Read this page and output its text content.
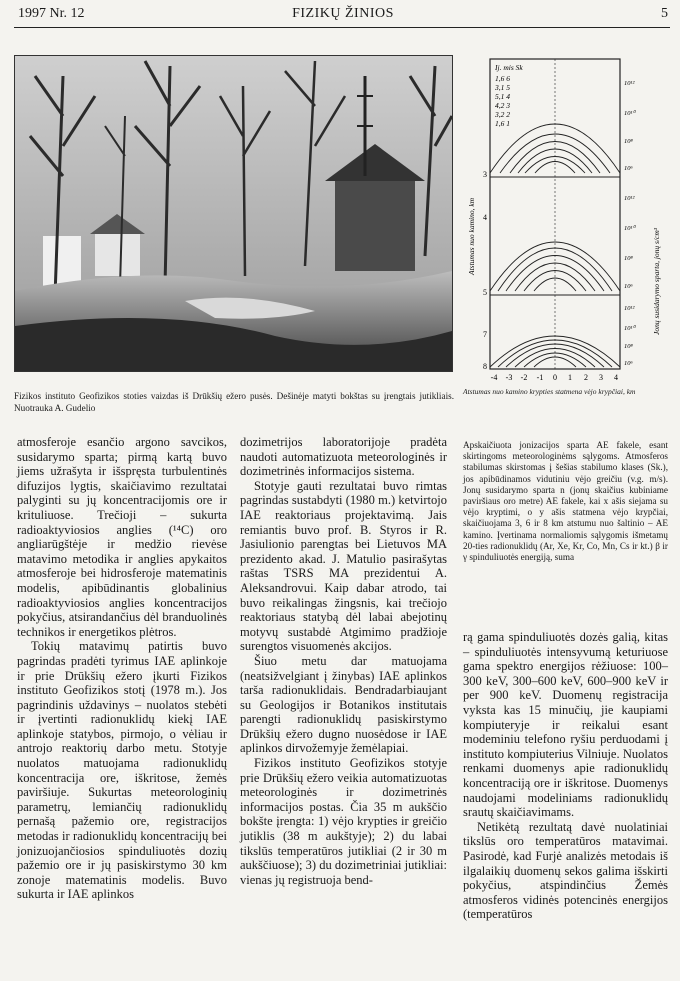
1997 Nr. 12	FIZIKŲ ŽINIOS	5
Fizikos instituto Geofizikos stoties vaizdas iš Drūkšių ežero pusės. Dešinėje matyti bokštas su įrengtais jutikliais. Nuotrauka A. Gudelio
Ij. mis Sk
1,6 6
3,1 5
5,1 4
4,2 3
3,2 2
1,6 1
3
4
5
7
8
10¹²
10¹⁰
10⁸
10⁶
10¹²
10¹⁰
10⁸
10⁶
10¹²
10¹⁰
10⁸
10⁶
Atstumas nuo kamino, km	Jonų susidarymo sparta, jonų s/cm³
-4 -3 -2 -1 0 1 2 3 4
Atstumas nuo kamino krypties statmena vėjo krypčiai, km
Apskaičiuota jonizacijos sparta AE fakele, esant skirtingoms meteorologinėms sąlygoms. Atmosferos stabilumas skirstomas į šešias stabilumo klases (Sk.), jos apibūdinamos vidutiniu vėjo greičiu (v.g. m/s). Jonų susidarymo sparta n (jonų skaičius kubiniame paviršiaus oro metre) AE fakele, kai x ašis siejama su vėjo kryptimi, o y ašis statmena vėjo krypčiai, skaičiuojama 3, 6 ir 8 km atstumu nuo šaltinio – AE kamino. Įvertinama normaliomis sąlygomis išmetamų 20-ties radionuklidų (Ar, Xe, Kr, Co, Mn, Cs ir kt.) β ir γ spinduliuotės energiją, suma

atmosferoje esančio argono savcikos, susidarymo sparta; pirmą kartą buvo jiems užrašyta ir išspręsta turbulentinės difuzijos lygtis, skaičiavimo rezultatai palyginti su jų koncentracijomis ore ir krituliuose. Trečioji – sukurta radioaktyviosios anglies (¹⁴C) oro angliarūgštėje ir medžio rievėse matavimo metodika ir anglies apykaitos atmosferoje bei hidrosferoje matematinis modelis, apibūdinantis globalinius radioaktyviosios anglies koncentracijos pokyčius, atsirandančius dėl branduolinės technikos ir energetikos plėtros.

Tokių matavimų patirtis buvo pagrindas pradėti tyrimus IAE aplinkoje ir prie Drūkšių ežero įkurti Fizikos instituto Geofizikos stotį (1978 m.). Jos pagrindinis uždavinys – nuolatos stebėti ir įvertinti radionuklidų kiekį IAE aplinkoje statybos, pirmojo, o vėliau ir antrojo reaktorių darbo metu. Stotyje nuolatos matuojama radionuklidų koncentracija ore, iškritose, žemės paviršiuje. Sukurtas meteorologinių parametrų, lemiančių radionuklidų pernašą pažemio ore, registracijos metodas ir radionuklidų koncentracijų bei jonizuojančiosios spinduliuotės dozių pažemio ore ir jų pasiskirstymo 30 km zonoje matematinis modelis. Buvo sukurta ir IAE aplinkos

dozimetrijos laboratorijoje pradėta naudoti automatizuota meteorologinės ir dozimetrinės informacijos sistema.

Stotyje gauti rezultatai buvo rimtas pagrindas sustabdyti (1980 m.) ketvirtojo IAE reaktoriaus projektavimą. Jais remiantis buvo prof. B. Styros ir R. Jasiulionio parengtas bei Lietuvos MA prezidento akad. J. Matulio pasirašytas raštas TSRS MA prezidentui A. Aleksandrovui. Kaip dabar atrodo, tai buvo reikalingas žingsnis, kai trečiojo reaktoriaus statybą dėl labai abejotinų motyvų sustabdė Atgimimo pradžioje surengtos visuomenės akcijos.

Šiuo metu dar matuojama (neatsižvelgiant į žinybas) IAE aplinkos tarša radionuklidais. Bendradarbiaujant su Geologijos ir Botanikos institutais parengti radionuklidų pasiskirstymo Drūkšių ežero dugno nuosėdose ir IAE aplinkos dirvožemyje žemėlapiai.

Fizikos instituto Geofizikos stotyje prie Drūkšių ežero veikia automatizuotas meteorologinės ir dozimetrinės informacijos postas. Čia 35 m aukščio bokšte įrengta: 1) vėjo krypties ir greičio jutiklis (38 m aukštyje); 2) du labai tikslūs temperatūros jutikliai (2 ir 30 m aukščiuose); 3) du dozimetriniai jutikliai: vienas jų registruoja bend-

rą gama spinduliuotės dozės galią, kitas – spinduliuotės intensyvumą keturiuose gama spektro energijos rėžiuose: 100–300 keV, 300–600 keV, 600–900 keV ir per 900 keV. Duomenų registracija vyksta kas 15 minučių, jie kaupiami kompiuteryje ir reikalui esant modeminiu telefono ryšiu perduodami į instituto kompiuterius Vilniuje. Nuolatos renkami duomenys apie radionuklidų koncentraciją ore ir iškritose. Duomenys naudojami modeliniams radionuklidų srautų skaičiavimams.

Netikėtą rezultatą davė nuolatiniai tikslūs oro temperatūros matavimai. Pasirodė, kad Furjė analizės metodais iš ilgalaikių duomenų sekos galima išskirti pokyčius, atspindinčius Žemės atmosferos vidinės potencinės energijos (temperatūros
